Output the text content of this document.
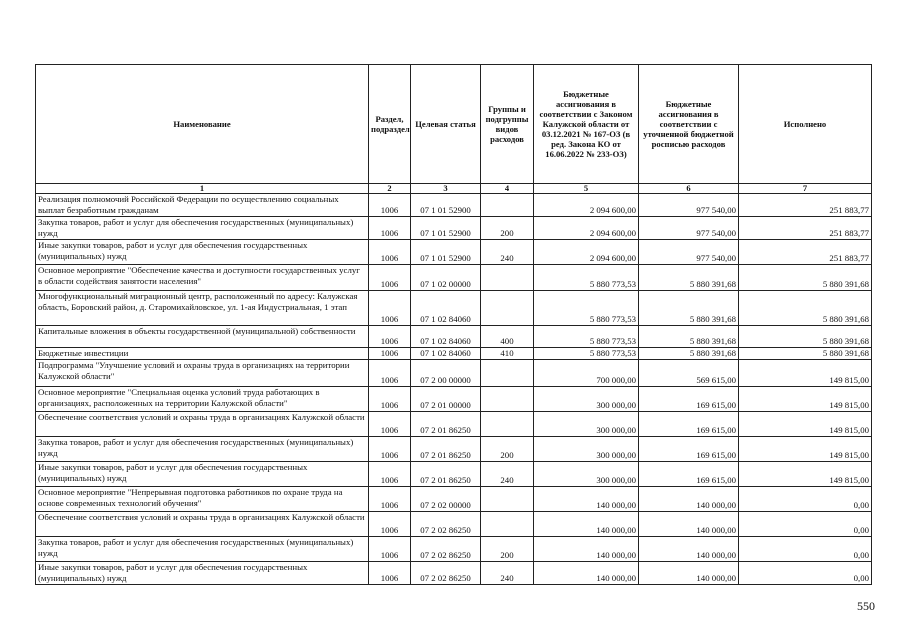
Наименование	Раздел, подраздел	Целевая статья	Группы и подгруппы видов расходов	Бюджетные ассигнования в соответствии с Законом Калужской области от 03.12.2021 № 167-ОЗ (в ред. Закона КО от 16.06.2022 № 233-ОЗ)	Бюджетные ассигнования в соответствии с уточненной бюджетной росписью расходов	Исполнено
1	2	3	4	5	6	7
Реализация полномочий Российской Федерации по осуществлению социальных выплат безработным гражданам	1006	07 1 01 52900		2 094 600,00	977 540,00	251 883,77
Закупка товаров, работ и услуг для обеспечения государственных (муниципальных) нужд	1006	07 1 01 52900	200	2 094 600,00	977 540,00	251 883,77
Иные закупки товаров, работ и услуг для обеспечения государственных (муниципальных) нужд	1006	07 1 01 52900	240	2 094 600,00	977 540,00	251 883,77
Основное мероприятие "Обеспечение качества и доступности государственных услуг в области содействия занятости населения"	1006	07 1 02 00000		5 880 773,53	5 880 391,68	5 880 391,68
Многофункциональный миграционный центр, расположенный по адресу: Калужская область, Боровский район, д. Старомихайловское, ул. 1-ая Индустриальная, 1 этап	1006	07 1 02 84060		5 880 773,53	5 880 391,68	5 880 391,68
Капитальные вложения в объекты государственной (муниципальной) собственности	1006	07 1 02 84060	400	5 880 773,53	5 880 391,68	5 880 391,68
Бюджетные инвестиции	1006	07 1 02 84060	410	5 880 773,53	5 880 391,68	5 880 391,68
Подпрограмма "Улучшение условий и охраны труда в организациях на территории Калужской области"	1006	07 2 00 00000		700 000,00	569 615,00	149 815,00
Основное мероприятие "Специальная оценка условий труда работающих в организациях, расположенных на территории Калужской области"	1006	07 2 01 00000		300 000,00	169 615,00	149 815,00
Обеспечение соответствия условий и охраны труда в организациях Калужской области	1006	07 2 01 86250		300 000,00	169 615,00	149 815,00
Закупка товаров, работ и услуг для обеспечения государственных (муниципальных) нужд	1006	07 2 01 86250	200	300 000,00	169 615,00	149 815,00
Иные закупки товаров, работ и услуг для обеспечения государственных (муниципальных) нужд	1006	07 2 01 86250	240	300 000,00	169 615,00	149 815,00
Основное мероприятие "Непрерывная подготовка работников по охране труда на основе современных технологий обучения"	1006	07 2 02 00000		140 000,00	140 000,00	0,00
Обеспечение соответствия условий и охраны труда в организациях Калужской области	1006	07 2 02 86250		140 000,00	140 000,00	0,00
Закупка товаров, работ и услуг для обеспечения государственных (муниципальных) нужд	1006	07 2 02 86250	200	140 000,00	140 000,00	0,00
Иные закупки товаров, работ и услуг для обеспечения государственных (муниципальных) нужд	1006	07 2 02 86250	240	140 000,00	140 000,00	0,00
550
